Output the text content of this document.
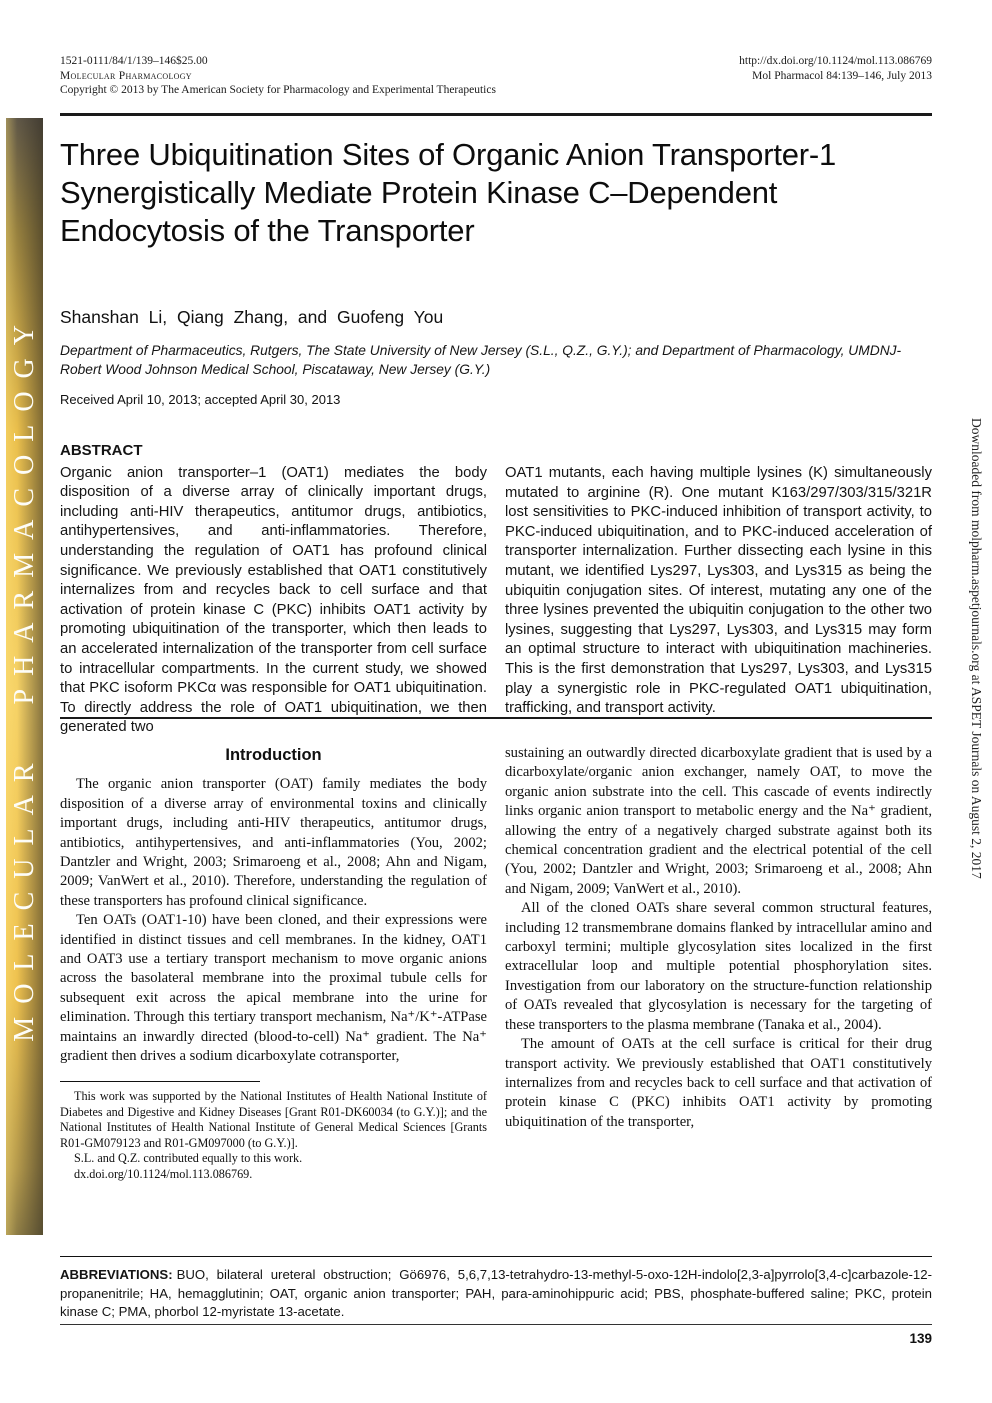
1521-0111/84/1/139–146$25.00
Molecular Pharmacology
Copyright © 2013 by The American Society for Pharmacology and Experimental Therapeutics
http://dx.doi.org/10.1124/mol.113.086769
Mol Pharmacol 84:139–146, July 2013
MOLECULAR PHARMACOLOGY	Downloaded from molpharm.aspetjournals.org at ASPET Journals on August 2, 2017
Three Ubiquitination Sites of Organic Anion Transporter-1
Synergistically Mediate Protein Kinase C–Dependent
Endocytosis of the Transporter
Shanshan Li, Qiang Zhang, and Guofeng You
Department of Pharmaceutics, Rutgers, The State University of New Jersey (S.L., Q.Z., G.Y.); and Department of Pharmacology, UMDNJ-Robert Wood Johnson Medical School, Piscataway, New Jersey (G.Y.)
Received April 10, 2013; accepted April 30, 2013
ABSTRACT
Organic anion transporter–1 (OAT1) mediates the body disposition of a diverse array of clinically important drugs, including anti-HIV therapeutics, antitumor drugs, antibiotics, antihypertensives, and anti-inflammatories. Therefore, understanding the regulation of OAT1 has profound clinical significance. We previously established that OAT1 constitutively internalizes from and recycles back to cell surface and that activation of protein kinase C (PKC) inhibits OAT1 activity by promoting ubiquitination of the transporter, which then leads to an accelerated internalization of the transporter from cell surface to intracellular compartments. In the current study, we showed that PKC isoform PKCα was responsible for OAT1 ubiquitination. To directly address the role of OAT1 ubiquitination, we then generated two
OAT1 mutants, each having multiple lysines (K) simultaneously mutated to arginine (R). One mutant K163/297/303/315/321R lost sensitivities to PKC-induced inhibition of transport activity, to PKC-induced ubiquitination, and to PKC-induced acceleration of transporter internalization. Further dissecting each lysine in this mutant, we identified Lys297, Lys303, and Lys315 as being the ubiquitin conjugation sites. Of interest, mutating any one of the three lysines prevented the ubiquitin conjugation to the other two lysines, suggesting that Lys297, Lys303, and Lys315 may form an optimal structure to interact with ubiquitination machineries. This is the first demonstration that Lys297, Lys303, and Lys315 play a synergistic role in PKC-regulated OAT1 ubiquitination, trafficking, and transport activity.
Introduction

The organic anion transporter (OAT) family mediates the body disposition of a diverse array of environmental toxins and clinically important drugs, including anti-HIV therapeutics, antitumor drugs, antibiotics, antihypertensives, and anti-inflammatories (You, 2002; Dantzler and Wright, 2003; Srimaroeng et al., 2008; Ahn and Nigam, 2009; VanWert et al., 2010). Therefore, understanding the regulation of these transporters has profound clinical significance.

Ten OATs (OAT1-10) have been cloned, and their expressions were identified in distinct tissues and cell membranes. In the kidney, OAT1 and OAT3 use a tertiary transport mechanism to move organic anions across the basolateral membrane into the proximal tubule cells for subsequent exit across the apical membrane into the urine for elimination. Through this tertiary transport mechanism, Na⁺/K⁺-ATPase maintains an inwardly directed (blood-to-cell) Na⁺ gradient. The Na⁺ gradient then drives a sodium dicarboxylate cotransporter,

This work was supported by the National Institutes of Health National Institute of Diabetes and Digestive and Kidney Diseases [Grant R01-DK60034 (to G.Y.)]; and the National Institutes of Health National Institute of General Medical Sciences [Grants R01-GM079123 and R01-GM097000 (to G.Y.)].

S.L. and Q.Z. contributed equally to this work.

dx.doi.org/10.1124/mol.113.086769.

sustaining an outwardly directed dicarboxylate gradient that is used by a dicarboxylate/organic anion exchanger, namely OAT, to move the organic anion substrate into the cell. This cascade of events indirectly links organic anion transport to metabolic energy and the Na⁺ gradient, allowing the entry of a negatively charged substrate against both its chemical concentration gradient and the electrical potential of the cell (You, 2002; Dantzler and Wright, 2003; Srimaroeng et al., 2008; Ahn and Nigam, 2009; VanWert et al., 2010).

All of the cloned OATs share several common structural features, including 12 transmembrane domains flanked by intracellular amino and carboxyl termini; multiple glycosylation sites localized in the first extracellular loop and multiple potential phosphorylation sites. Investigation from our laboratory on the structure-function relationship of OATs revealed that glycosylation is necessary for the targeting of these transporters to the plasma membrane (Tanaka et al., 2004).

The amount of OATs at the cell surface is critical for their drug transport activity. We previously established that OAT1 constitutively internalizes from and recycles back to cell surface and that activation of protein kinase C (PKC) inhibits OAT1 activity by promoting ubiquitination of the transporter,

ABBREVIATIONS: BUO, bilateral ureteral obstruction; Gö6976, 5,6,7,13-tetrahydro-13-methyl-5-oxo-12H-indolo[2,3-a]pyrrolo[3,4-c]carbazole-12-propanenitrile; HA, hemagglutinin; OAT, organic anion transporter; PAH, para-aminohippuric acid; PBS, phosphate-buffered saline; PKC, protein kinase C; PMA, phorbol 12-myristate 13-acetate.
139
